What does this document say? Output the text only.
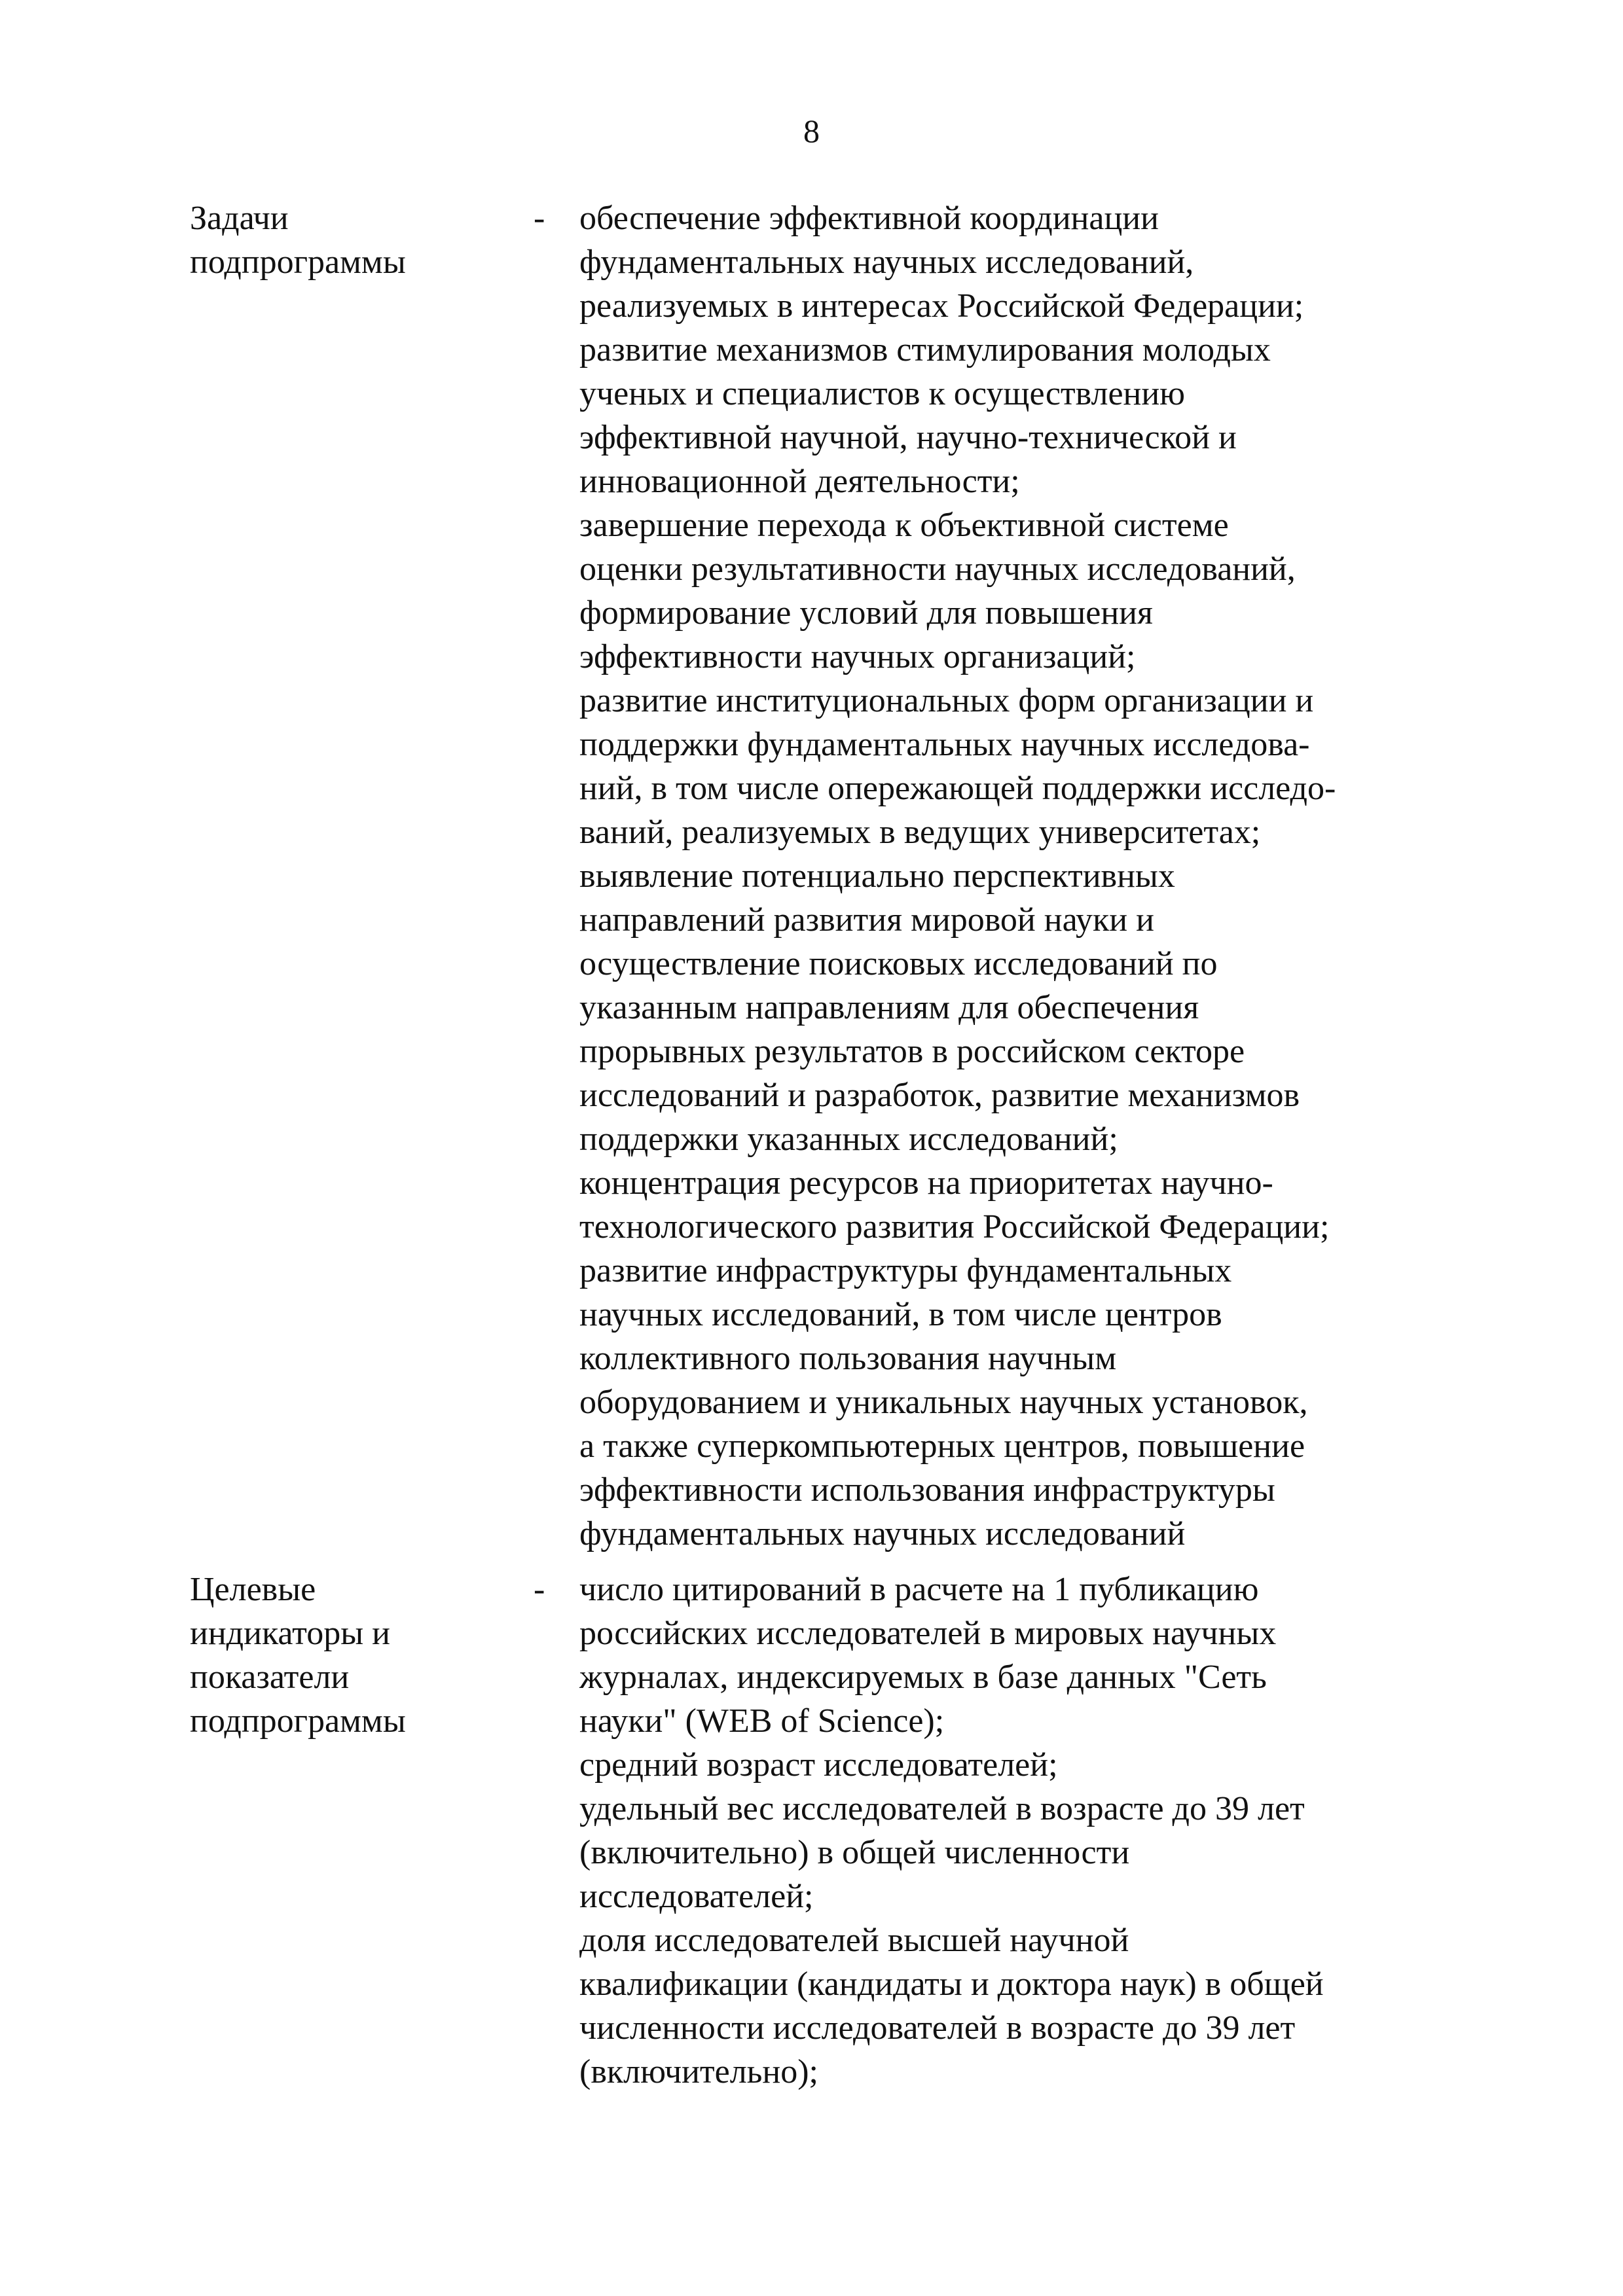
8
Задачи
подпрограммы
- обеспечение эффективной координации
фундаментальных научных исследований,
реализуемых в интересах Российской Федерации;
развитие механизмов стимулирования молодых
ученых и специалистов к осуществлению
эффективной научной, научно-технической и
инновационной деятельности;
завершение перехода к объективной системе
оценки результативности научных исследований,
формирование условий для повышения
эффективности научных организаций;
развитие институциональных форм организации и
поддержки фундаментальных научных исследова-
ний, в том числе опережающей поддержки исследо-
ваний, реализуемых в ведущих университетах;
выявление потенциально перспективных
направлений развития мировой науки и
осуществление поисковых исследований по
указанным направлениям для обеспечения
прорывных результатов в российском секторе
исследований и разработок, развитие механизмов
поддержки указанных исследований;
концентрация ресурсов на приоритетах научно-
технологического развития Российской Федерации;
развитие инфраструктуры фундаментальных
научных исследований, в том числе центров
коллективного пользования научным
оборудованием и уникальных научных установок,
а также суперкомпьютерных центров, повышение
эффективности использования инфраструктуры
фундаментальных научных исследований
Целевые
индикаторы и
показатели
подпрограммы
- число цитирований в расчете на 1 публикацию
российских исследователей в мировых научных
журналах, индексируемых в базе данных "Сеть
науки" (WEB of Science);
средний возраст исследователей;
удельный вес исследователей в возрасте до 39 лет
(включительно) в общей численности
исследователей;
доля исследователей высшей научной
квалификации (кандидаты и доктора наук) в общей
численности исследователей в возрасте до 39 лет
(включительно);
